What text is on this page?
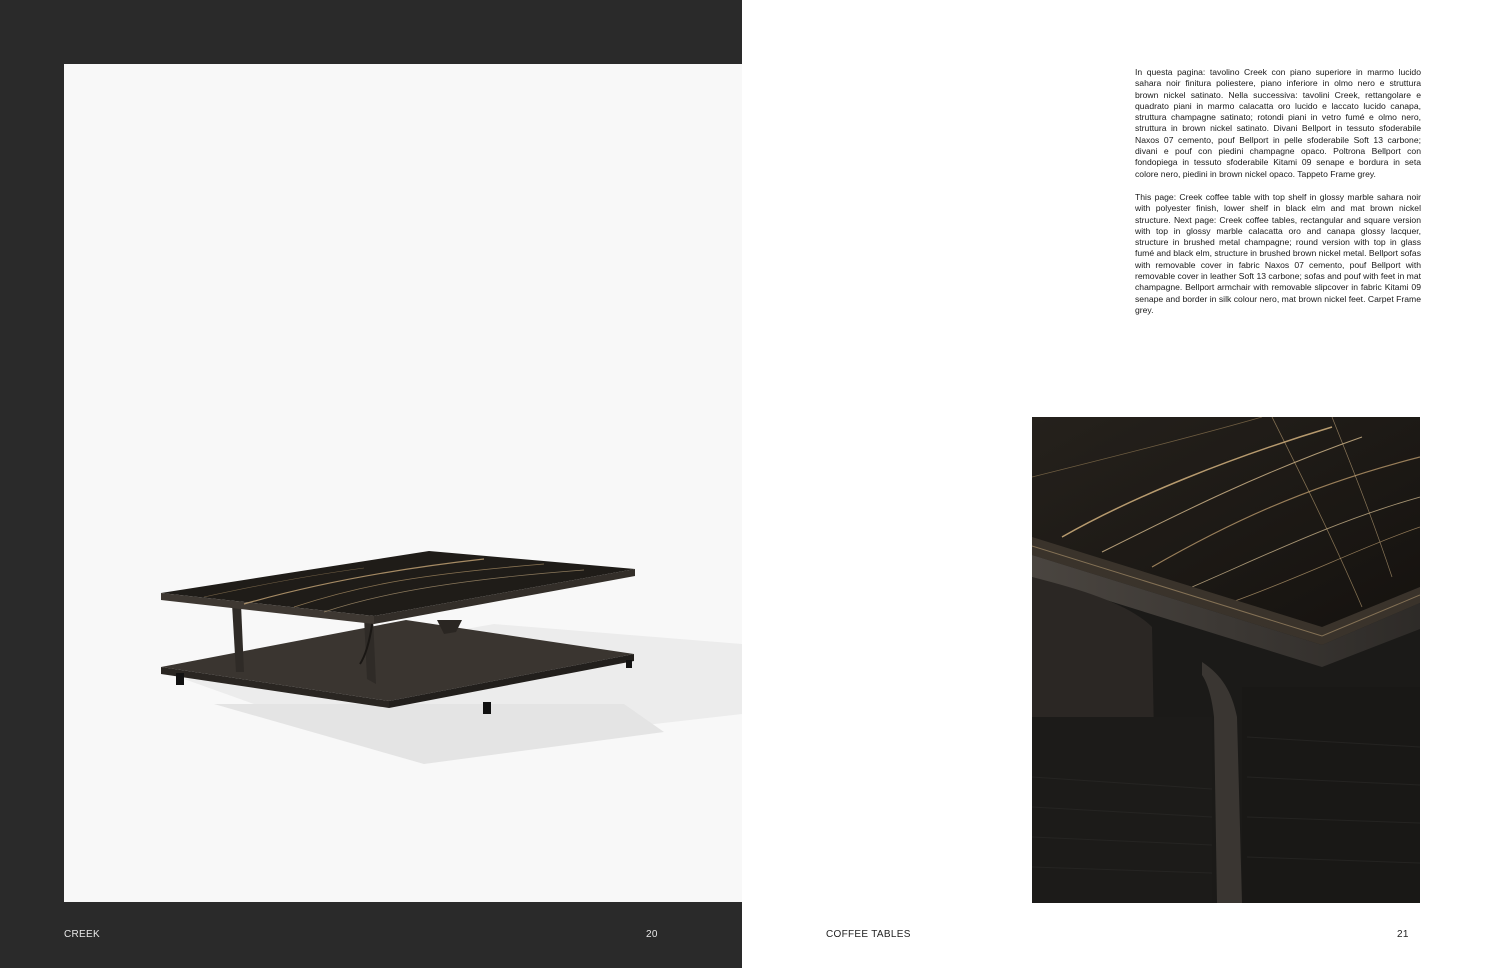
CREEK	20

In questa pagina: tavolino Creek con piano superiore in marmo lucido sahara noir finitura poliestere, piano inferiore in olmo nero e struttura brown nickel satinato. Nella successiva: tavolini Creek, rettangolare e quadrato piani in marmo calacatta oro lucido e laccato lucido canapa, struttura champagne satinato; rotondi piani in vetro fumé e olmo nero, struttura in brown nickel satinato. Divani Bellport in tessuto sfoderabile Naxos 07 cemento, pouf Bellport in pelle sfoderabile Soft 13 carbone; divani e pouf con piedini champagne opaco. Poltrona Bellport con fondopiega in tessuto sfoderabile Kitami 09 senape e bordura in seta colore nero, piedini in brown nickel opaco. Tappeto Frame grey.

This page: Creek coffee table with top shelf in glossy marble sahara noir with polyester finish, lower shelf in black elm and mat brown nickel structure. Next page: Creek coffee tables, rectangular and square version with top in glossy marble calacatta oro and canapa glossy lacquer, structure in brushed metal champagne; round version with top in glass fumé and black elm, structure in brushed brown nickel metal. Bellport sofas with removable cover in fabric Naxos 07 cemento, pouf Bellport with removable cover in leather Soft 13 carbone; sofas and pouf with feet in mat champagne. Bellport armchair with removable slipcover in fabric Kitami 09 senape and border in silk colour nero, mat brown nickel feet. Carpet Frame grey.

COFFEE TABLES	21
